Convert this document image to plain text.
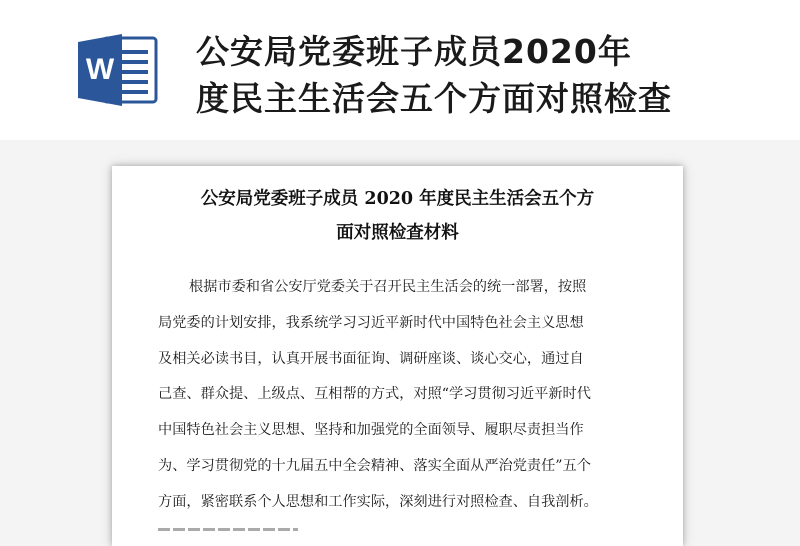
W 公安局党委班子成员2020年
度民主生活会五个方面对照检查
公安局党委班子成员 2020 年度民主生活会五个方
面对照检查材料
根据市委和省公安厅党委关于召开民主生活会的统一部署，按照
局党委的计划安排，我系统学习习近平新时代中国特色社会主义思想
及相关必读书目，认真开展书面征询、调研座谈、谈心交心，通过自
己查、群众提、上级点、互相帮的方式，对照“学习贯彻习近平新时代
中国特色社会主义思想、坚持和加强党的全面领导、履职尽责担当作
为、学习贯彻党的十九届五中全会精神、落实全面从严治党责任”五个
方面，紧密联系个人思想和工作实际，深刻进行对照检查、自我剖析。
